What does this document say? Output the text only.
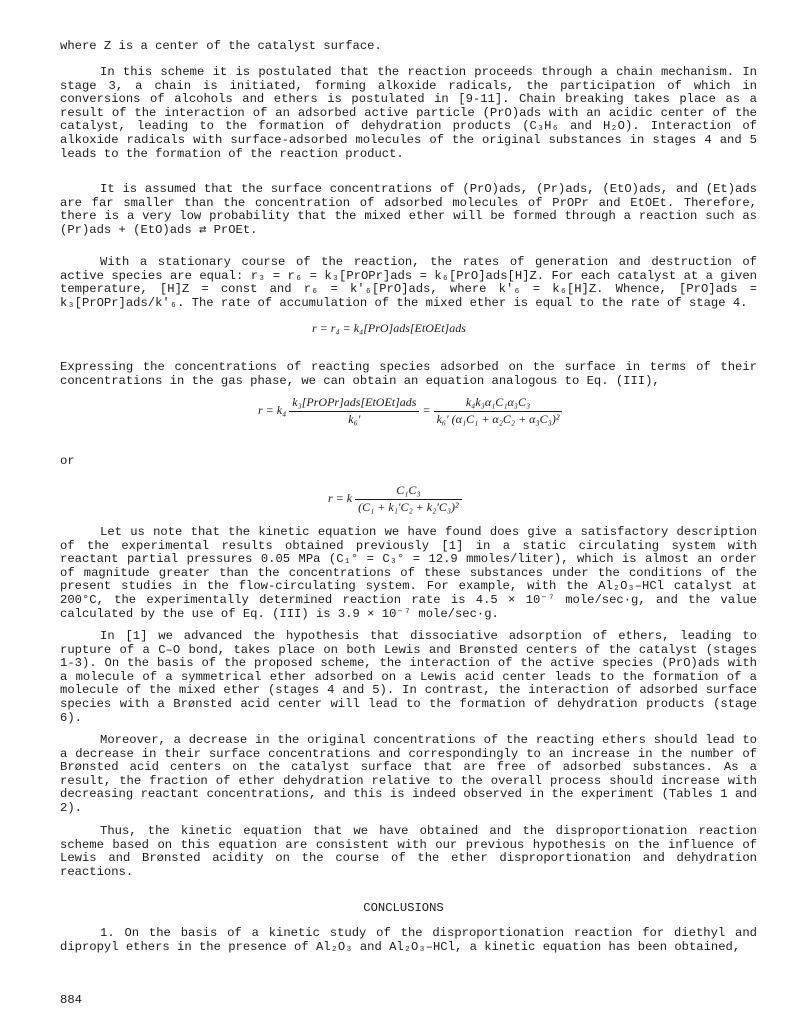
where Z is a center of the catalyst surface.

In this scheme it is postulated that the reaction proceeds through a chain mechanism. In stage 3, a chain is initiated, forming alkoxide radicals, the participation of which in conversions of alcohols and ethers is postulated in [9-11]. Chain breaking takes place as a result of the interaction of an adsorbed active particle (PrO)ads with an acidic center of the catalyst, leading to the formation of dehydration products (C₃H₆ and H₂O). Interaction of alkoxide radicals with surface-adsorbed molecules of the original substances in stages 4 and 5 leads to the formation of the reaction product.

It is assumed that the surface concentrations of (PrO)ads, (Pr)ads, (EtO)ads, and (Et)ads are far smaller than the concentration of adsorbed molecules of PrOPr and EtOEt. Therefore, there is a very low probability that the mixed ether will be formed through a reaction such as (Pr)ads + (EtO)ads ⇄ PrOEt.

With a stationary course of the reaction, the rates of generation and destruction of active species are equal: r₃ = r₆ = k₃[PrOPr]ads = k₆[PrO]ads[H]Z. For each catalyst at a given temperature, [H]Z = const and r₆ = k′₆[PrO]ads, where k′₆ = k₆[H]Z. Whence, [PrO]ads = k₃[PrOPr]ads/k′₆. The rate of accumulation of the mixed ether is equal to the rate of stage 4.

r = r₄ = k₄[PrO]ads[EtOEt]ads

Expressing the concentrations of reacting species adsorbed on the surface in terms of their concentrations in the gas phase, we can obtain an equation analogous to Eq. (III),

$r = k_4 \frac{\text{k₃[PrOPr]ads[EtOEt]ads}}{\text{k₆′}} = \frac{\text{k₄k₃α₁C₁α₃C₃}}{\text{k₆′ (α₁C₁ + α₂C₂ + α₃C₃)²}}$

or

r = k $\frac{\text{C₁C₃}}{\text{(C₁ + k₁′C₂ + k₂′C₃)²}}$

Let us note that the kinetic equation we have found does give a satisfactory description of the experimental results obtained previously [1] in a static circulating system with reactant partial pressures 0.05 MPa (C₁° = C₃° = 12.9 mmoles/liter), which is almost an order of magnitude greater than the concentrations of these substances under the conditions of the present studies in the flow-circulating system. For example, with the Al₂O₃–HCl catalyst at 200°C, the experimentally determined reaction rate is 4.5 × 10⁻⁷ mole/sec·g, and the value calculated by the use of Eq. (III) is 3.9 × 10⁻⁷ mole/sec·g.

In [1] we advanced the hypothesis that dissociative adsorption of ethers, leading to rupture of a C–O bond, takes place on both Lewis and Brønsted centers of the catalyst (stages 1-3). On the basis of the proposed scheme, the interaction of the active species (PrO)ads with a molecule of a symmetrical ether adsorbed on a Lewis acid center leads to the formation of a molecule of the mixed ether (stages 4 and 5). In contrast, the interaction of adsorbed surface species with a Brønsted acid center will lead to the formation of dehydration products (stage 6).

Moreover, a decrease in the original concentrations of the reacting ethers should lead to a decrease in their surface concentrations and correspondingly to an increase in the number of Brønsted acid centers on the catalyst surface that are free of adsorbed substances. As a result, the fraction of ether dehydration relative to the overall process should increase with decreasing reactant concentrations, and this is indeed observed in the experiment (Tables 1 and 2).

Thus, the kinetic equation that we have obtained and the disproportionation reaction scheme based on this equation are consistent with our previous hypothesis on the influence of Lewis and Brønsted acidity on the course of the ether disproportionation and dehydration reactions.

CONCLUSIONS

1. On the basis of a kinetic study of the disproportionation reaction for diethyl and dipropyl ethers in the presence of Al₂O₃ and Al₂O₃–HCl, a kinetic equation has been obtained,

884
